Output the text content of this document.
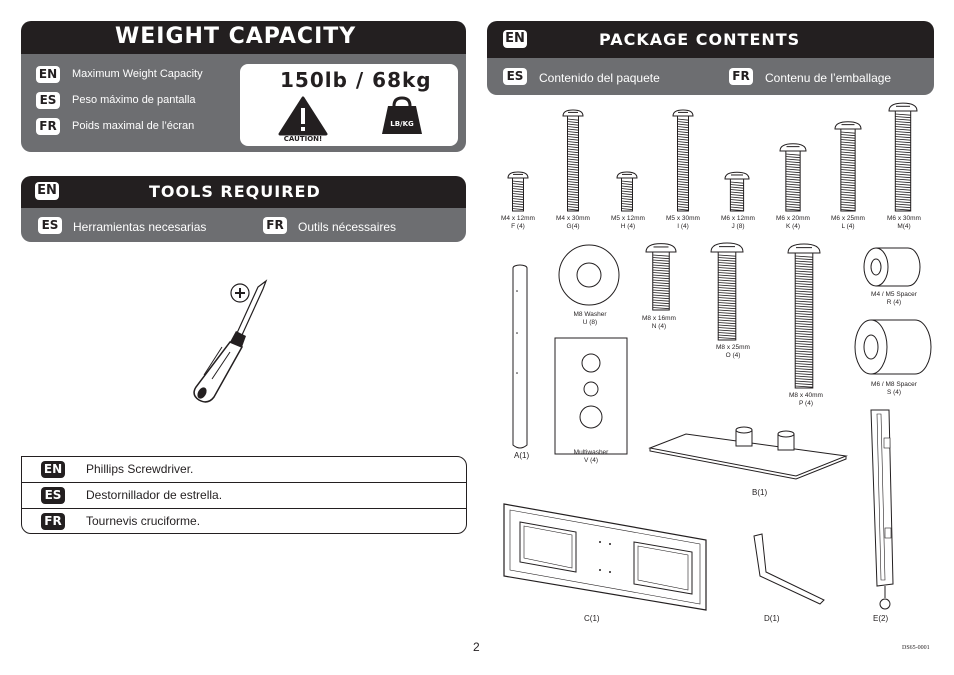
WEIGHT CAPACITY
EN Maximum Weight Capacity
ES	Peso máximo de pantalla
FR Poids maximal de l’écran
150lb / 68kg
CAUTION!
LB/KG
EN	TOOLS REQUIRED
ES Herramientas necesarias	FR Outils nécessaires
EN Phillips Screwdriver.
ES Destornillador de estrella.
FR Tournevis cruciforme.
EN	PACKAGE CONTENTS
ES Contenido del paquete	FR Contenu de l’emballage
M4 x 12mm
F (4)
M4 x 30mm
G(4)
M5 x 12mm
H (4)
M5 x 30mm
I (4)
M6 x 12mm
J (8)
M6 x 20mm
K (4)
M6 x 25mm
L (4)
M6 x 30mm
M(4)
A(1)
M8 Washer
U (8)
Multiwasher
V (4)
M8 x 16mm
N (4)
M8 x 25mm
O (4)
M8 x 40mm
P (4)
M4 / M5 Spacer
R (4)
M6 / M8 Spacer
S (4)
B(1)
C(1)	D(1)	E(2)
2	DS65-0001
